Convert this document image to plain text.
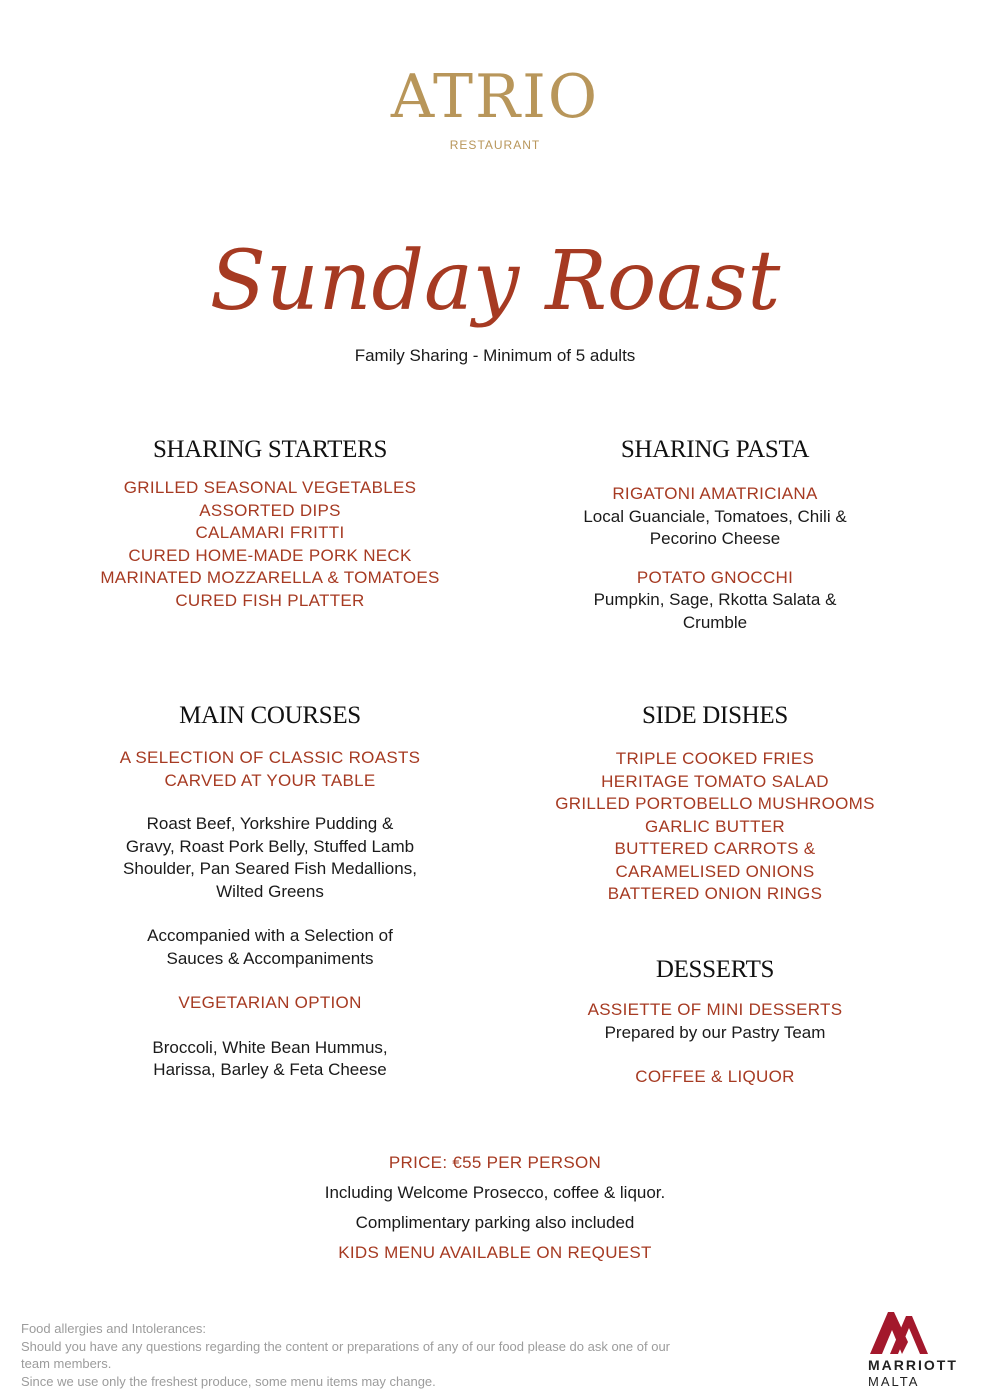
ATRIO
RESTAURANT
Sunday Roast
Family Sharing - Minimum of 5 adults
SHARING STARTERS
GRILLED SEASONAL VEGETABLES
ASSORTED DIPS
CALAMARI FRITTI
CURED HOME-MADE PORK NECK
MARINATED MOZZARELLA & TOMATOES
CURED FISH PLATTER
SHARING PASTA
RIGATONI AMATRICIANA
Local Guanciale, Tomatoes, Chili &
Pecorino Cheese
POTATO GNOCCHI
Pumpkin, Sage, Rkotta Salata &
Crumble
MAIN COURSES
A SELECTION OF CLASSIC ROASTS
CARVED AT YOUR TABLE
Roast Beef, Yorkshire Pudding &
Gravy, Roast Pork Belly, Stuffed Lamb
Shoulder, Pan Seared Fish Medallions,
Wilted Greens
Accompanied with a Selection of
Sauces & Accompaniments
VEGETARIAN OPTION
Broccoli, White Bean Hummus,
Harissa, Barley & Feta Cheese
SIDE DISHES
TRIPLE COOKED FRIES
HERITAGE TOMATO SALAD
GRILLED PORTOBELLO MUSHROOMS
GARLIC BUTTER
BUTTERED CARROTS &
CARAMELISED ONIONS
BATTERED ONION RINGS
DESSERTS
ASSIETTE OF MINI DESSERTS
Prepared by our Pastry Team
COFFEE & LIQUOR
PRICE: €55 PER PERSON
Including Welcome Prosecco, coffee & liquor.
Complimentary parking also included
KIDS MENU AVAILABLE ON REQUEST
Food allergies and Intolerances:
Should you have any questions regarding the content or preparations of any of our food please do ask one of our
team members.
Since we use only the freshest produce, some menu items may change.
MARRIOTT
MALTA
